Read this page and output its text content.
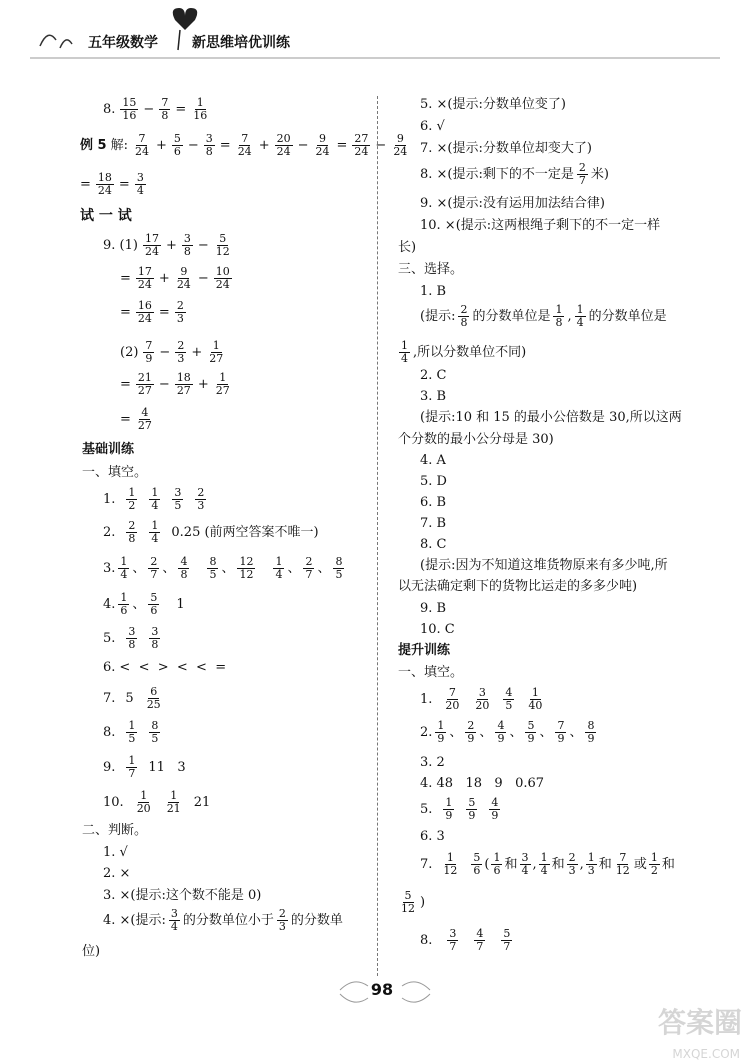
五年级数学 新思维培优训练
8. $\frac{15}{16} - \frac{7}{8} = \frac{1}{16}$
例 5 解: $\frac{7}{24} + \frac{5}{6} - \frac{3}{8} = \frac{7}{24} + \frac{20}{24} - \frac{9}{24} = \frac{27}{24} - \frac{9}{24}$
= $\frac{18}{24} = \frac{3}{4}$
试 一 试
9. $(1) \frac{17}{24} + \frac{3}{8} - \frac{5}{12}$
= $\frac{17}{24} + \frac{9}{24} - \frac{10}{24}$
= $\frac{16}{24} = \frac{2}{3}$
$(2) \frac{7}{9} - \frac{2}{3} + \frac{1}{27}$
= $\frac{21}{27} - \frac{18}{27} + \frac{1}{27}$
= $\frac{4}{27}$
基础训练
一、填空。
1. $\frac{1}{2} \frac{1}{4} \frac{3}{5} \frac{2}{3}$
2. $\frac{2}{8} \frac{1}{4} 0.25$ (前两空答案不唯一)
3. $\frac{1}{4}$ 、 $\frac{2}{7}$ 、 $\frac{4}{8} \frac{8}{5}$ 、 $\frac{12}{12} \frac{1}{4}$ 、 $\frac{2}{7}$ 、 $\frac{8}{5}$
4. $\frac{1}{6}$ 、 $\frac{5}{6} 1$
5. $\frac{3}{8} \frac{3}{8}$
6. <  <  >  <  <  =
7. $5 \frac{6}{25}$
8. $\frac{1}{5} \frac{8}{5}$
9. $\frac{1}{7} 11$   3
10. $\frac{1}{20} \frac{1}{21} 21$
二、判断。
1. √
2. ×
3. ×(提示:这个数不能是 0)
4. ×(提示: $\frac{3}{4}$ 的分数单位小于 $\frac{2}{3}$ 的分数单
位)
5. ×(提示:分数单位变了)
6. √
7. ×(提示:分数单位却变大了)
8. ×(提示:剩下的不一定是 $\frac{2}{7}$ 米)
9. ×(提示:没有运用加法结合律)
10. ×(提示:这两根绳子剩下的不一定一样
长)
三、选择。
1. B
(提示: $\frac{2}{8}$ 的分数单位是 $\frac{1}{8}$ , $\frac{1}{4}$ 的分数单位是
$\frac{1}{4}$ ,所以分数单位不同)
2. C
3. B
(提示:10 和 15 的最小公倍数是 30,所以这两
个分数的最小公分母是 30)
4. A
5. D
6. B
7. B
8. C
(提示:因为不知道这堆货物原来有多少吨,所
以无法确定剩下的货物比运走的多多少吨)
9. B
10. C
提升训练
一、填空。
1. $\frac{7}{20} \frac{3}{20} \frac{4}{5} \frac{1}{40}$
2. $\frac{1}{9}$ 、 $\frac{2}{9}$ 、 $\frac{4}{9}$ 、 $\frac{5}{9}$ 、 $\frac{7}{9}$ 、 $\frac{8}{9}$
3. 2
4. 48   18   9   0.67
5. $\frac{1}{9} \frac{5}{9} \frac{4}{9}$
6. 3
7. $\frac{1}{12} \frac{5}{6}$ ( $\frac{1}{6}$ 和 $\frac{3}{4}$ , $\frac{1}{4}$ 和 $\frac{2}{3}$ , $\frac{1}{3}$ 和 $\frac{7}{12}$ 或 $\frac{1}{2}$ 和
$\frac{5}{12}$ )
8. $\frac{3}{7} \frac{4}{7} \frac{5}{7}$
98
答案圈
MXQE.COM
